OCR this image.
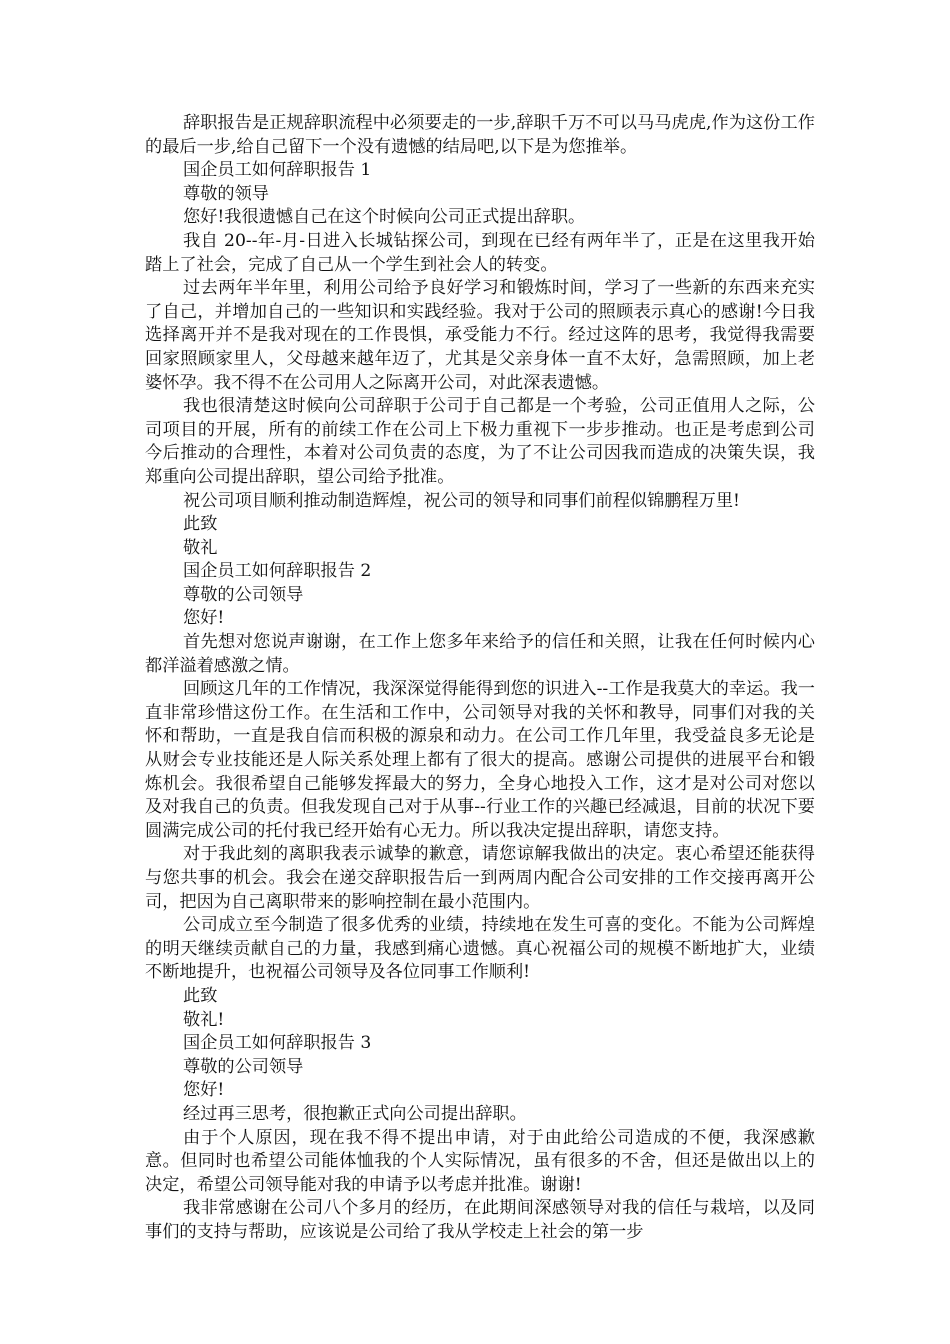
辞职报告是正规辞职流程中必须要走的一步,辞职千万不可以马马虎虎,作为这份工作的最后一步,给自己留下一个没有遗憾的结局吧,以下是为您推举。

国企员工如何辞职报告 1

尊敬的领导

您好!我很遗憾自己在这个时候向公司正式提出辞职。

我自 20--年-月-日进入长城钻探公司，到现在已经有两年半了，正是在这里我开始踏上了社会，完成了自己从一个学生到社会人的转变。

过去两年半年里，利用公司给予良好学习和锻炼时间，学习了一些新的东西来充实了自己，并增加自己的一些知识和实践经验。我对于公司的照顾表示真心的感谢!今日我选择离开并不是我对现在的工作畏惧，承受能力不行。经过这阵的思考，我觉得我需要回家照顾家里人，父母越来越年迈了，尤其是父亲身体一直不太好，急需照顾，加上老婆怀孕。我不得不在公司用人之际离开公司，对此深表遗憾。

我也很清楚这时候向公司辞职于公司于自己都是一个考验，公司正值用人之际，公司项目的开展，所有的前续工作在公司上下极力重视下一步步推动。也正是考虑到公司今后推动的合理性，本着对公司负责的态度，为了不让公司因我而造成的决策失误，我郑重向公司提出辞职，望公司给予批准。

祝公司项目顺利推动制造辉煌，祝公司的领导和同事们前程似锦鹏程万里!

此致

敬礼

国企员工如何辞职报告 2

尊敬的公司领导

您好!

首先想对您说声谢谢，在工作上您多年来给予的信任和关照，让我在任何时候内心都洋溢着感激之情。

回顾这几年的工作情况，我深深觉得能得到您的识进入--工作是我莫大的幸运。我一直非常珍惜这份工作。在生活和工作中，公司领导对我的关怀和教导，同事们对我的关怀和帮助，一直是我自信而积极的源泉和动力。在公司工作几年里，我受益良多无论是从财会专业技能还是人际关系处理上都有了很大的提高。感谢公司提供的进展平台和锻炼机会。我很希望自己能够发挥最大的努力，全身心地投入工作，这才是对公司对您以及对我自己的负责。但我发现自己对于从事--行业工作的兴趣已经减退，目前的状况下要圆满完成公司的托付我已经开始有心无力。所以我决定提出辞职，请您支持。

对于我此刻的离职我表示诚挚的歉意，请您谅解我做出的决定。衷心希望还能获得与您共事的机会。我会在递交辞职报告后一到两周内配合公司安排的工作交接再离开公司，把因为自己离职带来的影响控制在最小范围内。

公司成立至今制造了很多优秀的业绩，持续地在发生可喜的变化。不能为公司辉煌的明天继续贡献自己的力量，我感到痛心遗憾。真心祝福公司的规模不断地扩大，业绩不断地提升，也祝福公司领导及各位同事工作顺利!

此致

敬礼!

国企员工如何辞职报告 3

尊敬的公司领导

您好!

经过再三思考，很抱歉正式向公司提出辞职。

由于个人原因，现在我不得不提出申请，对于由此给公司造成的不便，我深感歉意。但同时也希望公司能体恤我的个人实际情况，虽有很多的不舍，但还是做出以上的决定，希望公司领导能对我的申请予以考虑并批准。谢谢!

我非常感谢在公司八个多月的经历，在此期间深感领导对我的信任与栽培，以及同事们的支持与帮助，应该说是公司给了我从学校走上社会的第一步
